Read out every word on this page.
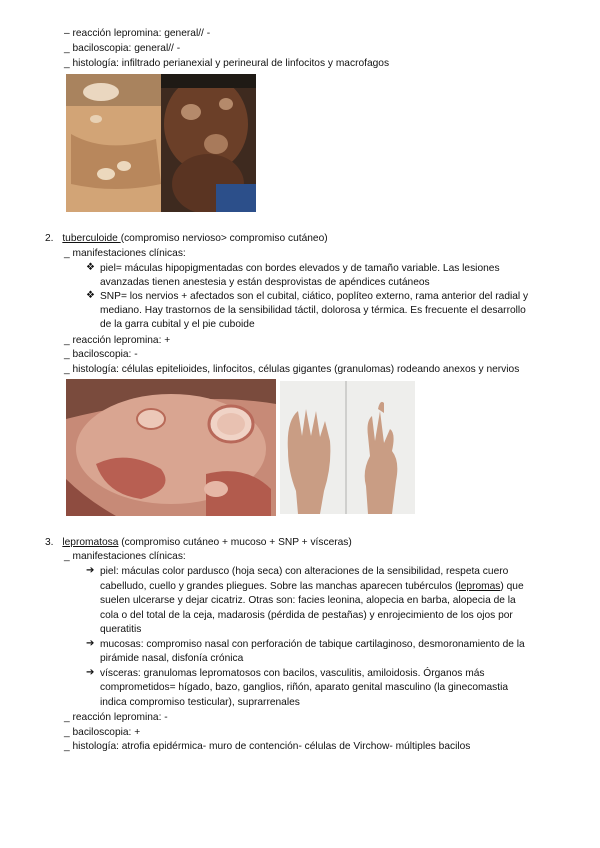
– reacción lepromina: general// -
_ baciloscopia: general// -
_ histología: infiltrado perianexial y perineural de linfocitos y macrofagos
2. tuberculoide (compromiso nervioso> compromiso cutáneo)
_ manifestaciones clínicas:
❖ piel= máculas hipopigmentadas con bordes elevados y de tamaño variable. Las lesiones
avanzadas tienen anestesia y están desprovistas de apéndices cutáneos
❖ SNP= los nervios + afectados son el cubital, ciático, poplíteo externo, rama anterior del radial y
mediano. Hay trastornos de la sensibilidad táctil, dolorosa y térmica. Es frecuente el desarrollo
de la garra cubital y el pie cuboide
_ reacción lepromina: +
_ baciloscopia: -
_ histología: células epitelioides, linfocitos, células gigantes (granulomas) rodeando anexos y nervios
3. lepromatosa (compromiso cutáneo + mucoso + SNP + vísceras)
_ manifestaciones clínicas:
➔ piel: máculas color pardusco (hoja seca) con alteraciones de la sensibilidad, respeta cuero
cabelludo, cuello y grandes pliegues. Sobre las manchas aparecen tubérculos (lepromas) que
suelen ulcerarse y dejar cicatriz. Otras son: facies leonina, alopecia en barba, alopecia de la
cola o del total de la ceja, madarosis (pérdida de pestañas) y enrojecimiento de los ojos por
queratitis
➔ mucosas: compromiso nasal con perforación de tabique cartilaginoso, desmoronamiento de la
pirámide nasal, disfonía crónica
➔ vísceras: granulomas lepromatosos con bacilos, vasculitis, amiloidosis. Órganos más
comprometidos= hígado, bazo, ganglios, riñón, aparato genital masculino (la ginecomastia
indica compromiso testicular), suprarrenales
_ reacción lepromina: -
_ baciloscopia: +
_ histología: atrofia epidérmica- muro de contención- células de Virchow- múltiples bacilos
